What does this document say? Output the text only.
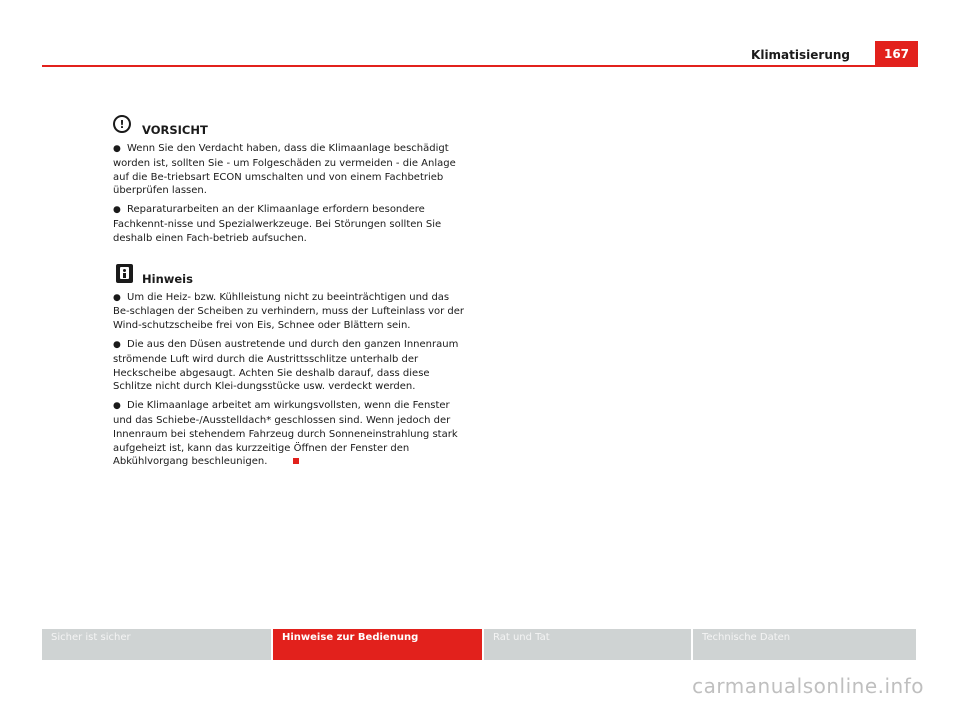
Klimatisierung	167
!	VORSICHT

● Wenn Sie den Verdacht haben, dass die Klimaanlage beschädigt worden ist, sollten Sie - um Folgeschäden zu vermeiden - die Anlage auf die Be-triebsart ECON umschalten und von einem Fachbetrieb überprüfen lassen.

● Reparaturarbeiten an der Klimaanlage erfordern besondere Fachkennt-nisse und Spezialwerkzeuge. Bei Störungen sollten Sie deshalb einen Fach-betrieb aufsuchen.

Hinweis

● Um die Heiz- bzw. Kühlleistung nicht zu beeinträchtigen und das Be-schlagen der Scheiben zu verhindern, muss der Lufteinlass vor der Wind-schutzscheibe frei von Eis, Schnee oder Blättern sein.

● Die aus den Düsen austretende und durch den ganzen Innenraum strömende Luft wird durch die Austrittsschlitze unterhalb der Heckscheibe abgesaugt. Achten Sie deshalb darauf, dass diese Schlitze nicht durch Klei-dungsstücke usw. verdeckt werden.

● Die Klimaanlage arbeitet am wirkungsvollsten, wenn die Fenster und das Schiebe-/Ausstelldach* geschlossen sind. Wenn jedoch der Innenraum bei stehendem Fahrzeug durch Sonneneinstrahlung stark aufgeheizt ist, kann das kurzzeitige Öffnen der Fenster den Abkühlvorgang beschleunigen.

Sicher ist sicher	Hinweise zur Bedienung	Rat und Tat	Technische Daten
carmanualsonline.info
